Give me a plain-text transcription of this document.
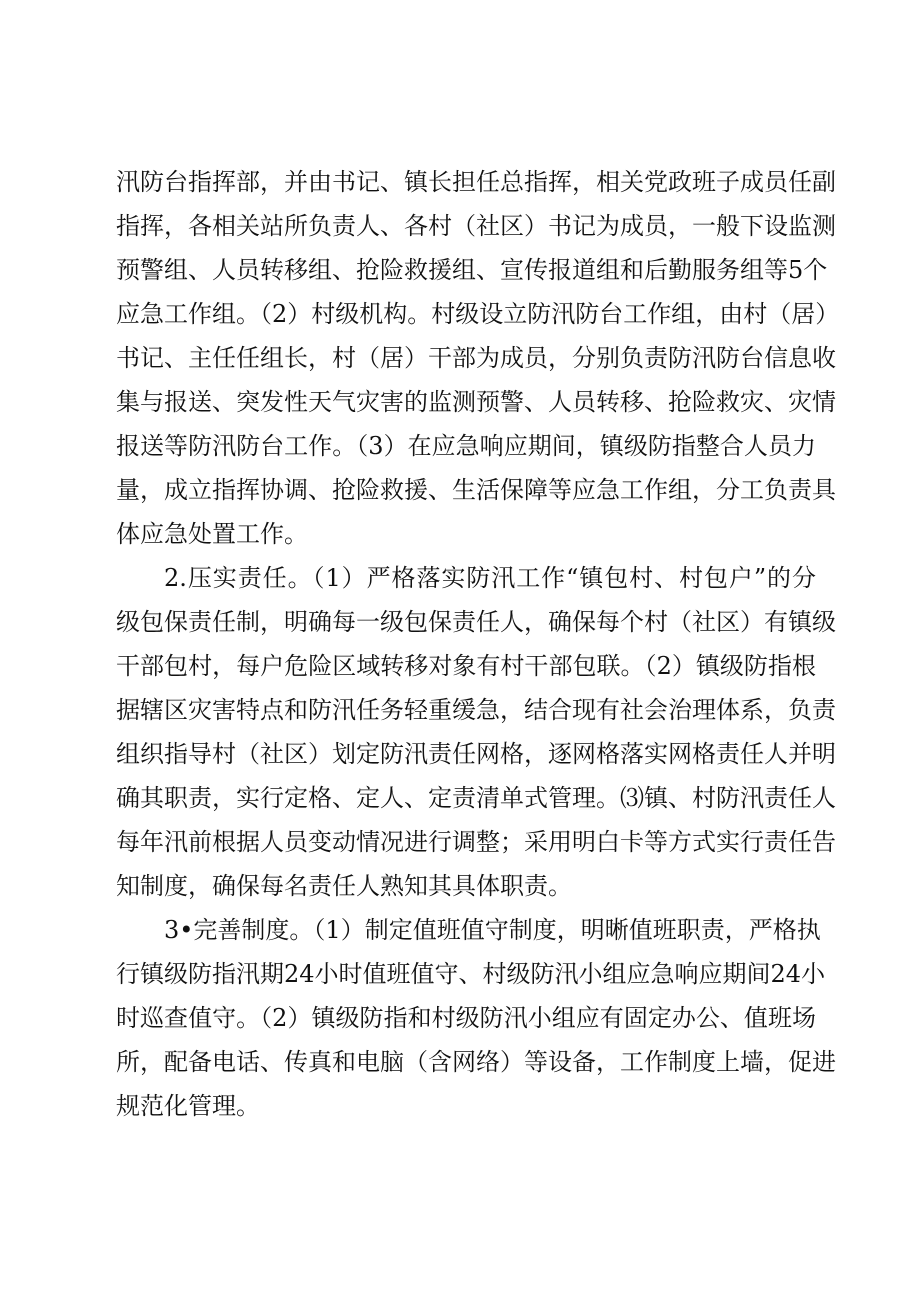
汛防台指挥部，并由书记、镇长担任总指挥，相关党政班子成员任副
指挥，各相关站所负责人、各村（社区）书记为成员，一般下设监测
预警组、人员转移组、抢险救援组、宣传报道组和后勤服务组等5个
应急工作组。（2）村级机构。村级设立防汛防台工作组，由村（居）
书记、主任任组长，村（居）干部为成员，分别负责防汛防台信息收
集与报送、突发性天气灾害的监测预警、人员转移、抢险救灾、灾情
报送等防汛防台工作。（3）在应急响应期间，镇级防指整合人员力
量，成立指挥协调、抢险救援、生活保障等应急工作组，分工负责具
体应急处置工作。
2.压实责任。（1）严格落实防汛工作“镇包村、村包户”的分
级包保责任制，明确每一级包保责任人，确保每个村（社区）有镇级
干部包村，每户危险区域转移对象有村干部包联。（2）镇级防指根
据辖区灾害特点和防汛任务轻重缓急，结合现有社会治理体系，负责
组织指导村（社区）划定防汛责任网格，逐网格落实网格责任人并明
确其职责，实行定格、定人、定责清单式管理。⑶镇、村防汛责任人
每年汛前根据人员变动情况进行调整；采用明白卡等方式实行责任告
知制度，确保每名责任人熟知其具体职责。
3•完善制度。（1）制定值班值守制度，明晰值班职责，严格执
行镇级防指汛期24小时值班值守、村级防汛小组应急响应期间24小
时巡查值守。（2）镇级防指和村级防汛小组应有固定办公、值班场
所，配备电话、传真和电脑（含网络）等设备，工作制度上墙，促进
规范化管理。
